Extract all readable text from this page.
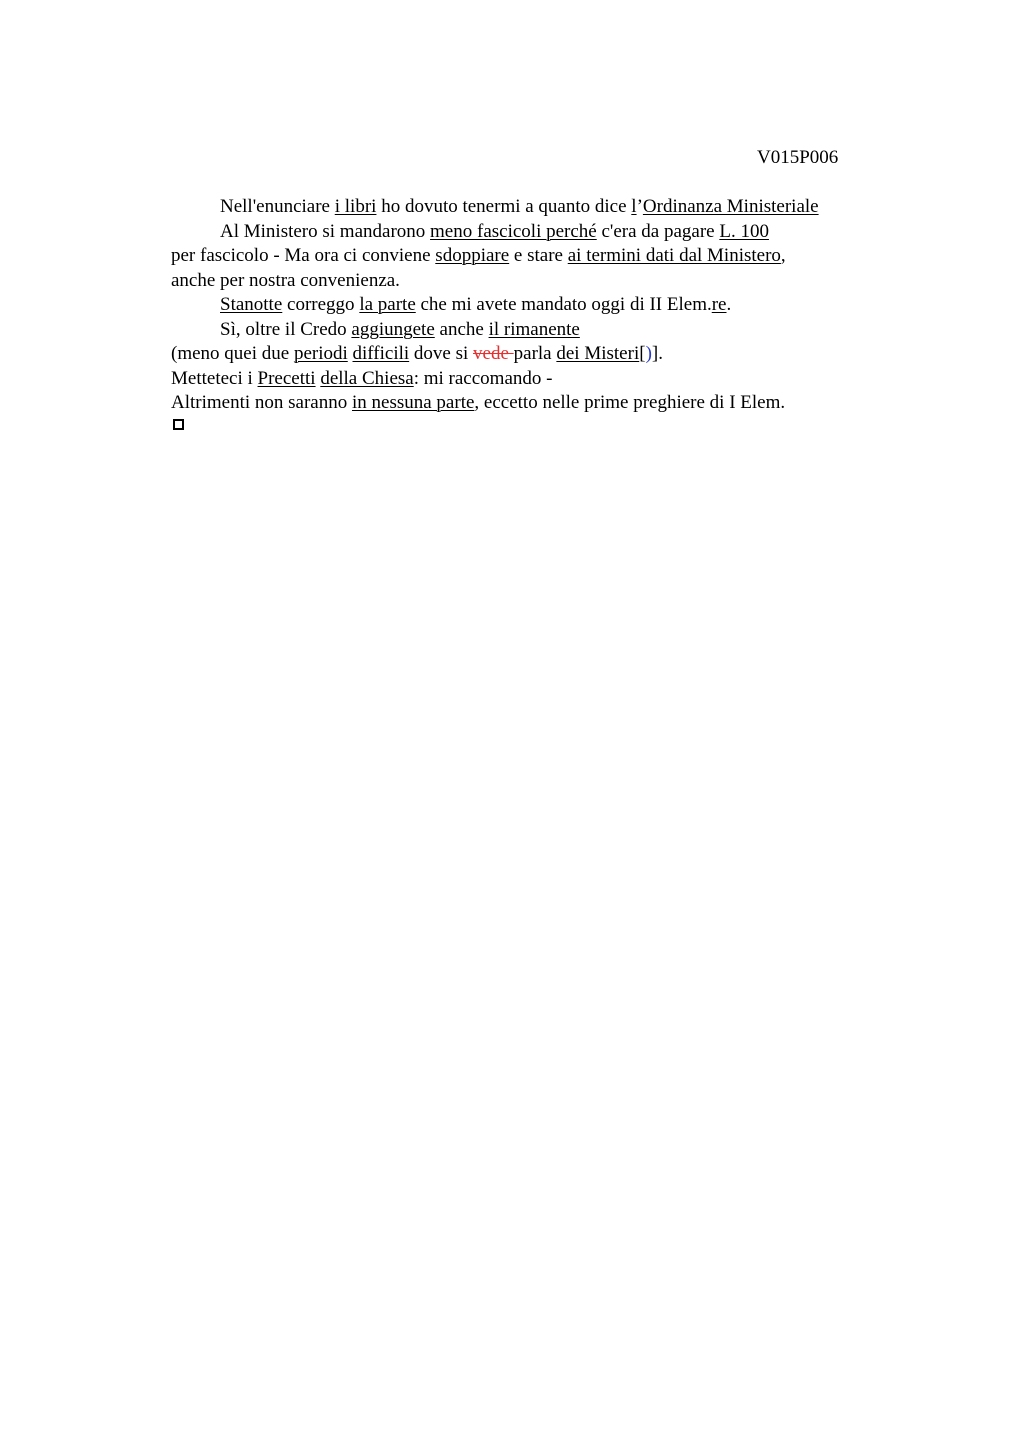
V015P006
Nell'enunciare i libri ho dovuto tenermi a quanto dice l’Ordinanza Ministeriale
Al Ministero si mandarono meno fascicoli perché c'era da pagare L. 100
per fascicolo - Ma ora ci conviene sdoppiare e stare ai termini dati dal Ministero,
anche per nostra convenienza.
Stanotte correggo la parte che mi avete mandato oggi di II Elem.re.
Sì, oltre il Credo aggiungete anche il rimanente
(meno quei due periodi difficili dove si vede parla dei Misteri[)].
Metteteci i Precetti della Chiesa: mi raccomando -
Altrimenti non saranno in nessuna parte, eccetto nelle prime preghiere di I Elem.
